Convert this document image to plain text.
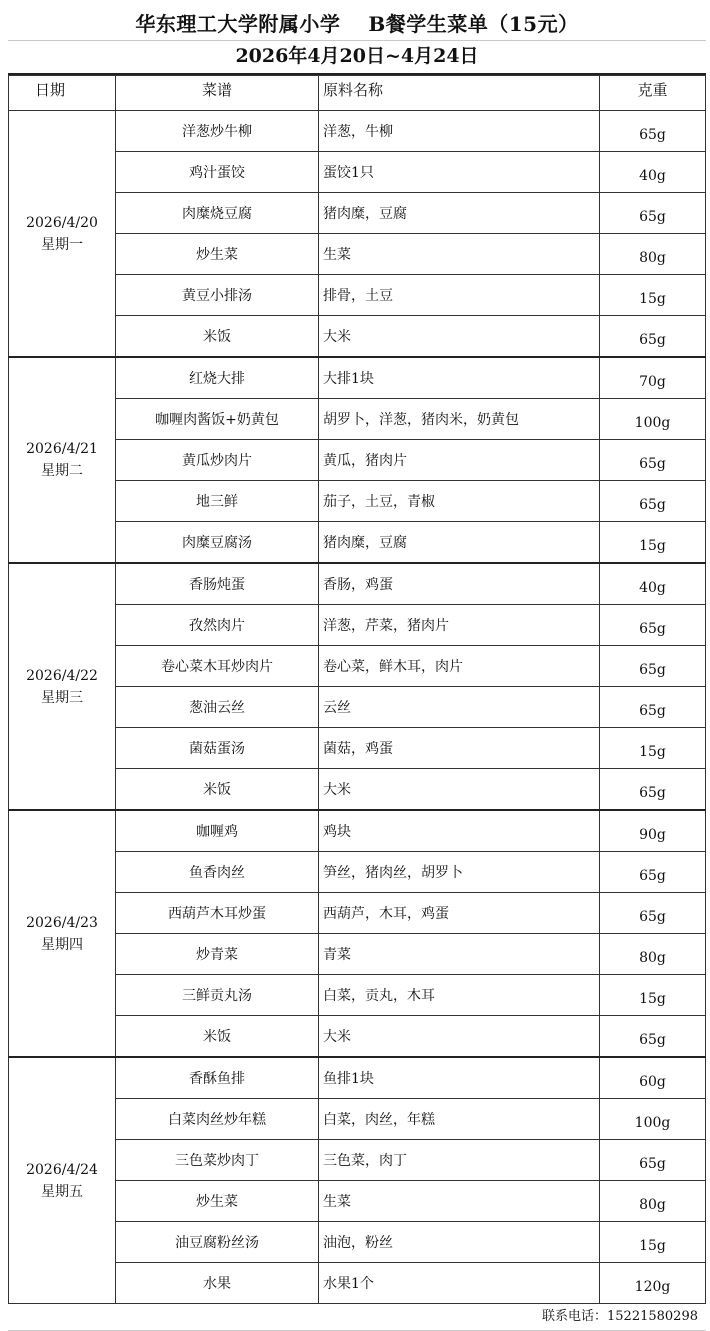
华东理工大学附属小学　 B餐学生菜单（15元）
2026年4月20日~4月24日
日期	菜谱	原料名称	克重

2026/4/20
星期一	洋葱炒牛柳	洋葱，牛柳	65g
	鸡汁蛋饺	蛋饺1只	40g
	肉糜烧豆腐	猪肉糜，豆腐	65g
	炒生菜	生菜	80g
	黄豆小排汤	排骨，土豆	15g
	米饭	大米	65g

2026/4/21
星期二	红烧大排	大排1块	70g
	咖喱肉酱饭+奶黄包	胡罗卜，洋葱，猪肉米，奶黄包	100g
	黄瓜炒肉片	黄瓜，猪肉片	65g
	地三鲜	茄子，土豆，青椒	65g
	肉糜豆腐汤	猪肉糜，豆腐	15g

2026/4/22
星期三	香肠炖蛋	香肠，鸡蛋	40g
	孜然肉片	洋葱，芹菜，猪肉片	65g
	卷心菜木耳炒肉片	卷心菜，鲜木耳，肉片	65g
	葱油云丝	云丝	65g
	菌菇蛋汤	菌菇，鸡蛋	15g
	米饭	大米	65g

2026/4/23
星期四	咖喱鸡	鸡块	90g
	鱼香肉丝	笋丝，猪肉丝，胡罗卜	65g
	西葫芦木耳炒蛋	西葫芦，木耳，鸡蛋	65g
	炒青菜	青菜	80g
	三鲜贡丸汤	白菜，贡丸，木耳	15g
	米饭	大米	65g

2026/4/24
星期五	香酥鱼排	鱼排1块	60g
	白菜肉丝炒年糕	白菜，肉丝，年糕	100g
	三色菜炒肉丁	三色菜，肉丁	65g
	炒生菜	生菜	80g
	油豆腐粉丝汤	油泡，粉丝	15g
	水果	水果1个	120g
联系电话：15221580298
